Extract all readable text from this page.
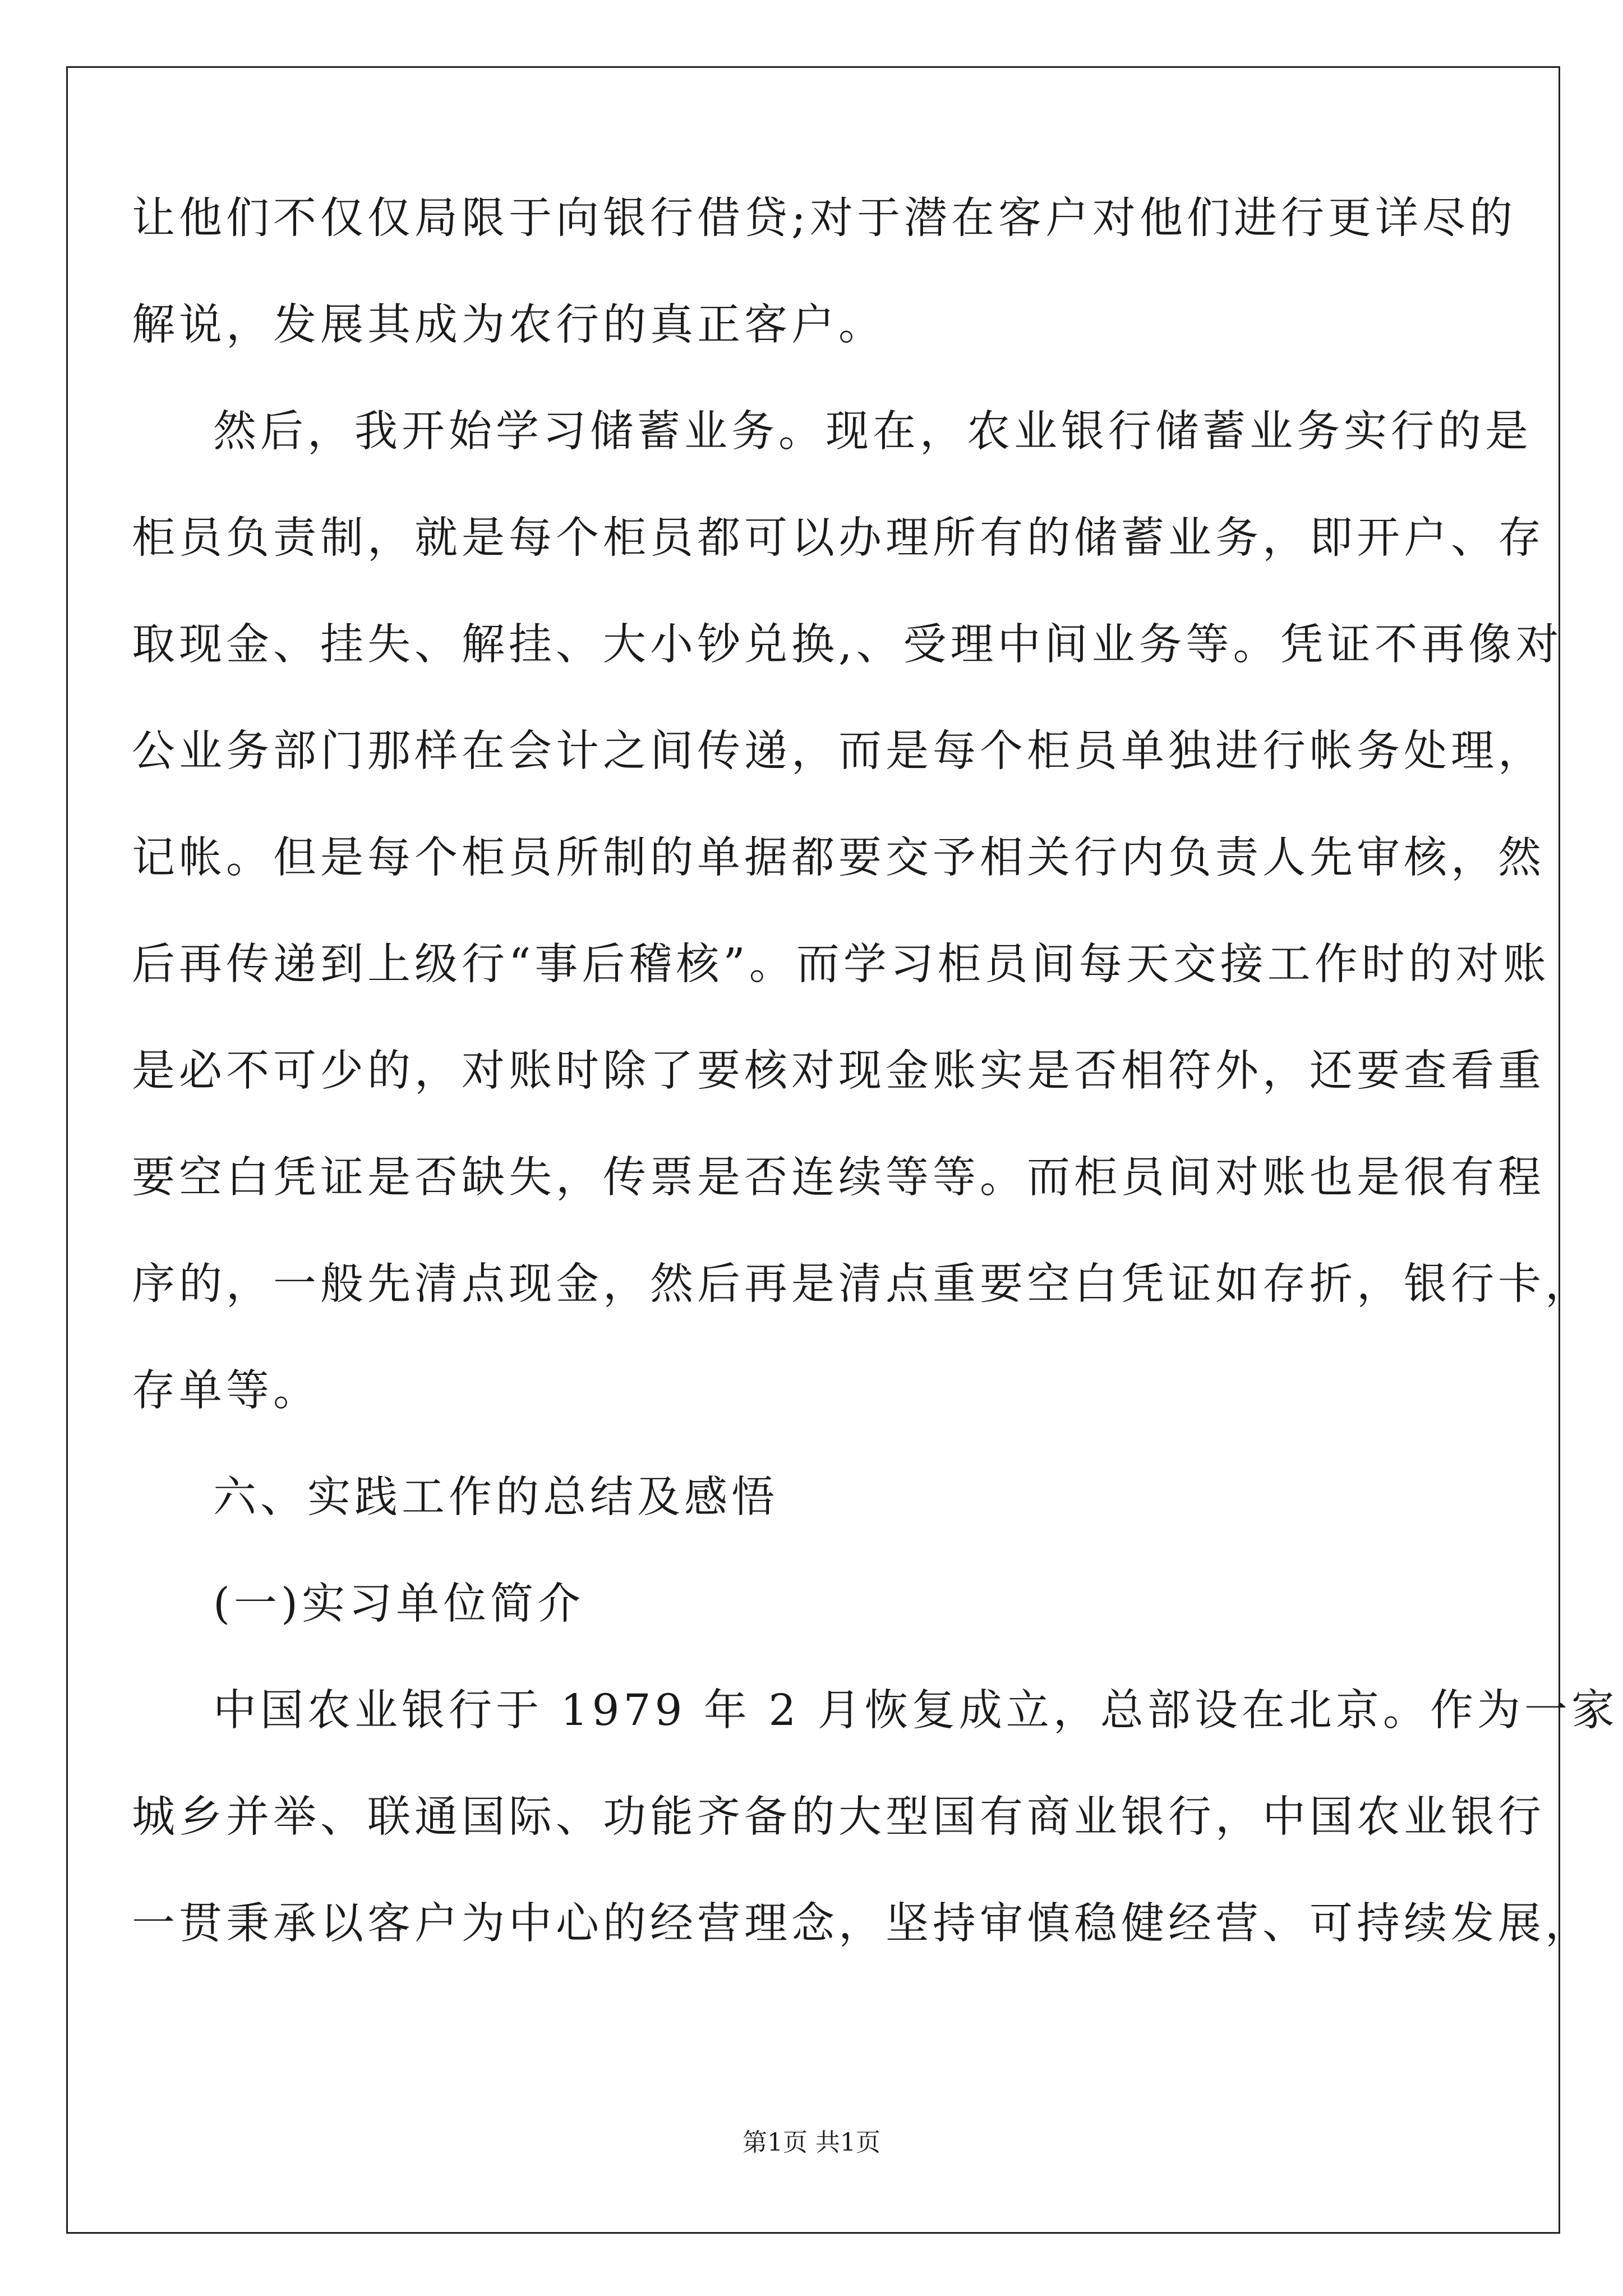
让他们不仅仅局限于向银行借贷;对于潜在客户对他们进行更详尽的
解说，发展其成为农行的真正客户。
然后，我开始学习储蓄业务。现在，农业银行储蓄业务实行的是
柜员负责制，就是每个柜员都可以办理所有的储蓄业务，即开户、存
取现金、挂失、解挂、大小钞兑换,、受理中间业务等。凭证不再像对
公业务部门那样在会计之间传递，而是每个柜员单独进行帐务处理，
记帐。但是每个柜员所制的单据都要交予相关行内负责人先审核，然
后再传递到上级行“事后稽核”。而学习柜员间每天交接工作时的对账
是必不可少的，对账时除了要核对现金账实是否相符外，还要查看重
要空白凭证是否缺失，传票是否连续等等。而柜员间对账也是很有程
序的，一般先清点现金，然后再是清点重要空白凭证如存折，银行卡，
存单等。
六、实践工作的总结及感悟
(一)实习单位简介
中国农业银行于 1979 年 2 月恢复成立，总部设在北京。作为一家
城乡并举、联通国际、功能齐备的大型国有商业银行，中国农业银行
一贯秉承以客户为中心的经营理念，坚持审慎稳健经营、可持续发展，
第1页 共1页
